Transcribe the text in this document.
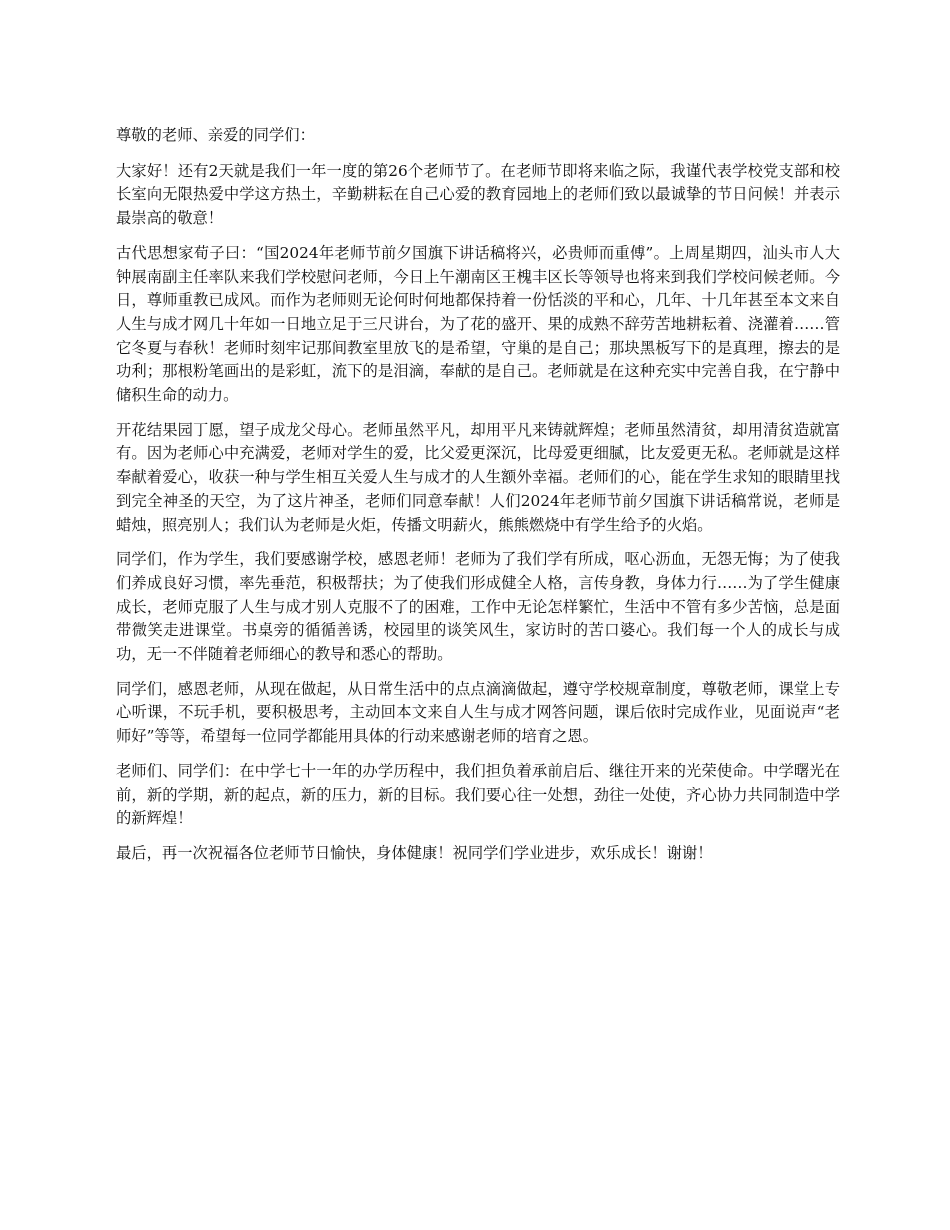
尊敬的老师、亲爱的同学们：

大家好！还有2天就是我们一年一度的第26个老师节了。在老师节即将来临之际，我谨代表学校党支部和校长室向无限热爱中学这方热土，辛勤耕耘在自己心爱的教育园地上的老师们致以最诚挚的节日问候！并表示最崇高的敬意！

古代思想家荀子曰：“国2024年老师节前夕国旗下讲话稿将兴，必贵师而重傅”。上周星期四，汕头市人大钟展南副主任率队来我们学校慰问老师，今日上午潮南区王槐丰区长等领导也将来到我们学校问候老师。今日，尊师重教已成风。而作为老师则无论何时何地都保持着一份恬淡的平和心，几年、十几年甚至本文来自人生与成才网几十年如一日地立足于三尺讲台，为了花的盛开、果的成熟不辞劳苦地耕耘着、浇灌着……管它冬夏与春秋！老师时刻牢记那间教室里放飞的是希望，守巢的是自己；那块黑板写下的是真理，擦去的是功利；那根粉笔画出的是彩虹，流下的是泪滴，奉献的是自己。老师就是在这种充实中完善自我，在宁静中储积生命的动力。

开花结果园丁愿，望子成龙父母心。老师虽然平凡，却用平凡来铸就辉煌；老师虽然清贫，却用清贫造就富有。因为老师心中充满爱，老师对学生的爱，比父爱更深沉，比母爱更细腻，比友爱更无私。老师就是这样奉献着爱心，收获一种与学生相互关爱人生与成才的人生额外幸福。老师们的心，能在学生求知的眼睛里找到完全神圣的天空，为了这片神圣，老师们同意奉献！人们2024年老师节前夕国旗下讲话稿常说，老师是蜡烛，照亮别人；我们认为老师是火炬，传播文明薪火，熊熊燃烧中有学生给予的火焰。

同学们，作为学生，我们要感谢学校，感恩老师！老师为了我们学有所成，呕心沥血，无怨无悔；为了使我们养成良好习惯，率先垂范，积极帮扶；为了使我们形成健全人格，言传身教，身体力行……为了学生健康成长，老师克服了人生与成才别人克服不了的困难，工作中无论怎样繁忙，生活中不管有多少苦恼，总是面带微笑走进课堂。书桌旁的循循善诱，校园里的谈笑风生，家访时的苦口婆心。我们每一个人的成长与成功，无一不伴随着老师细心的教导和悉心的帮助。

同学们，感恩老师，从现在做起，从日常生活中的点点滴滴做起，遵守学校规章制度，尊敬老师，课堂上专心听课，不玩手机，要积极思考，主动回本文来自人生与成才网答问题，课后依时完成作业，见面说声“老师好”等等，希望每一位同学都能用具体的行动来感谢老师的培育之恩。

老师们、同学们：在中学七十一年的办学历程中，我们担负着承前启后、继往开来的光荣使命。中学曙光在前，新的学期，新的起点，新的压力，新的目标。我们要心往一处想，劲往一处使，齐心协力共同制造中学的新辉煌！

最后，再一次祝福各位老师节日愉快，身体健康！祝同学们学业进步，欢乐成长！谢谢！
